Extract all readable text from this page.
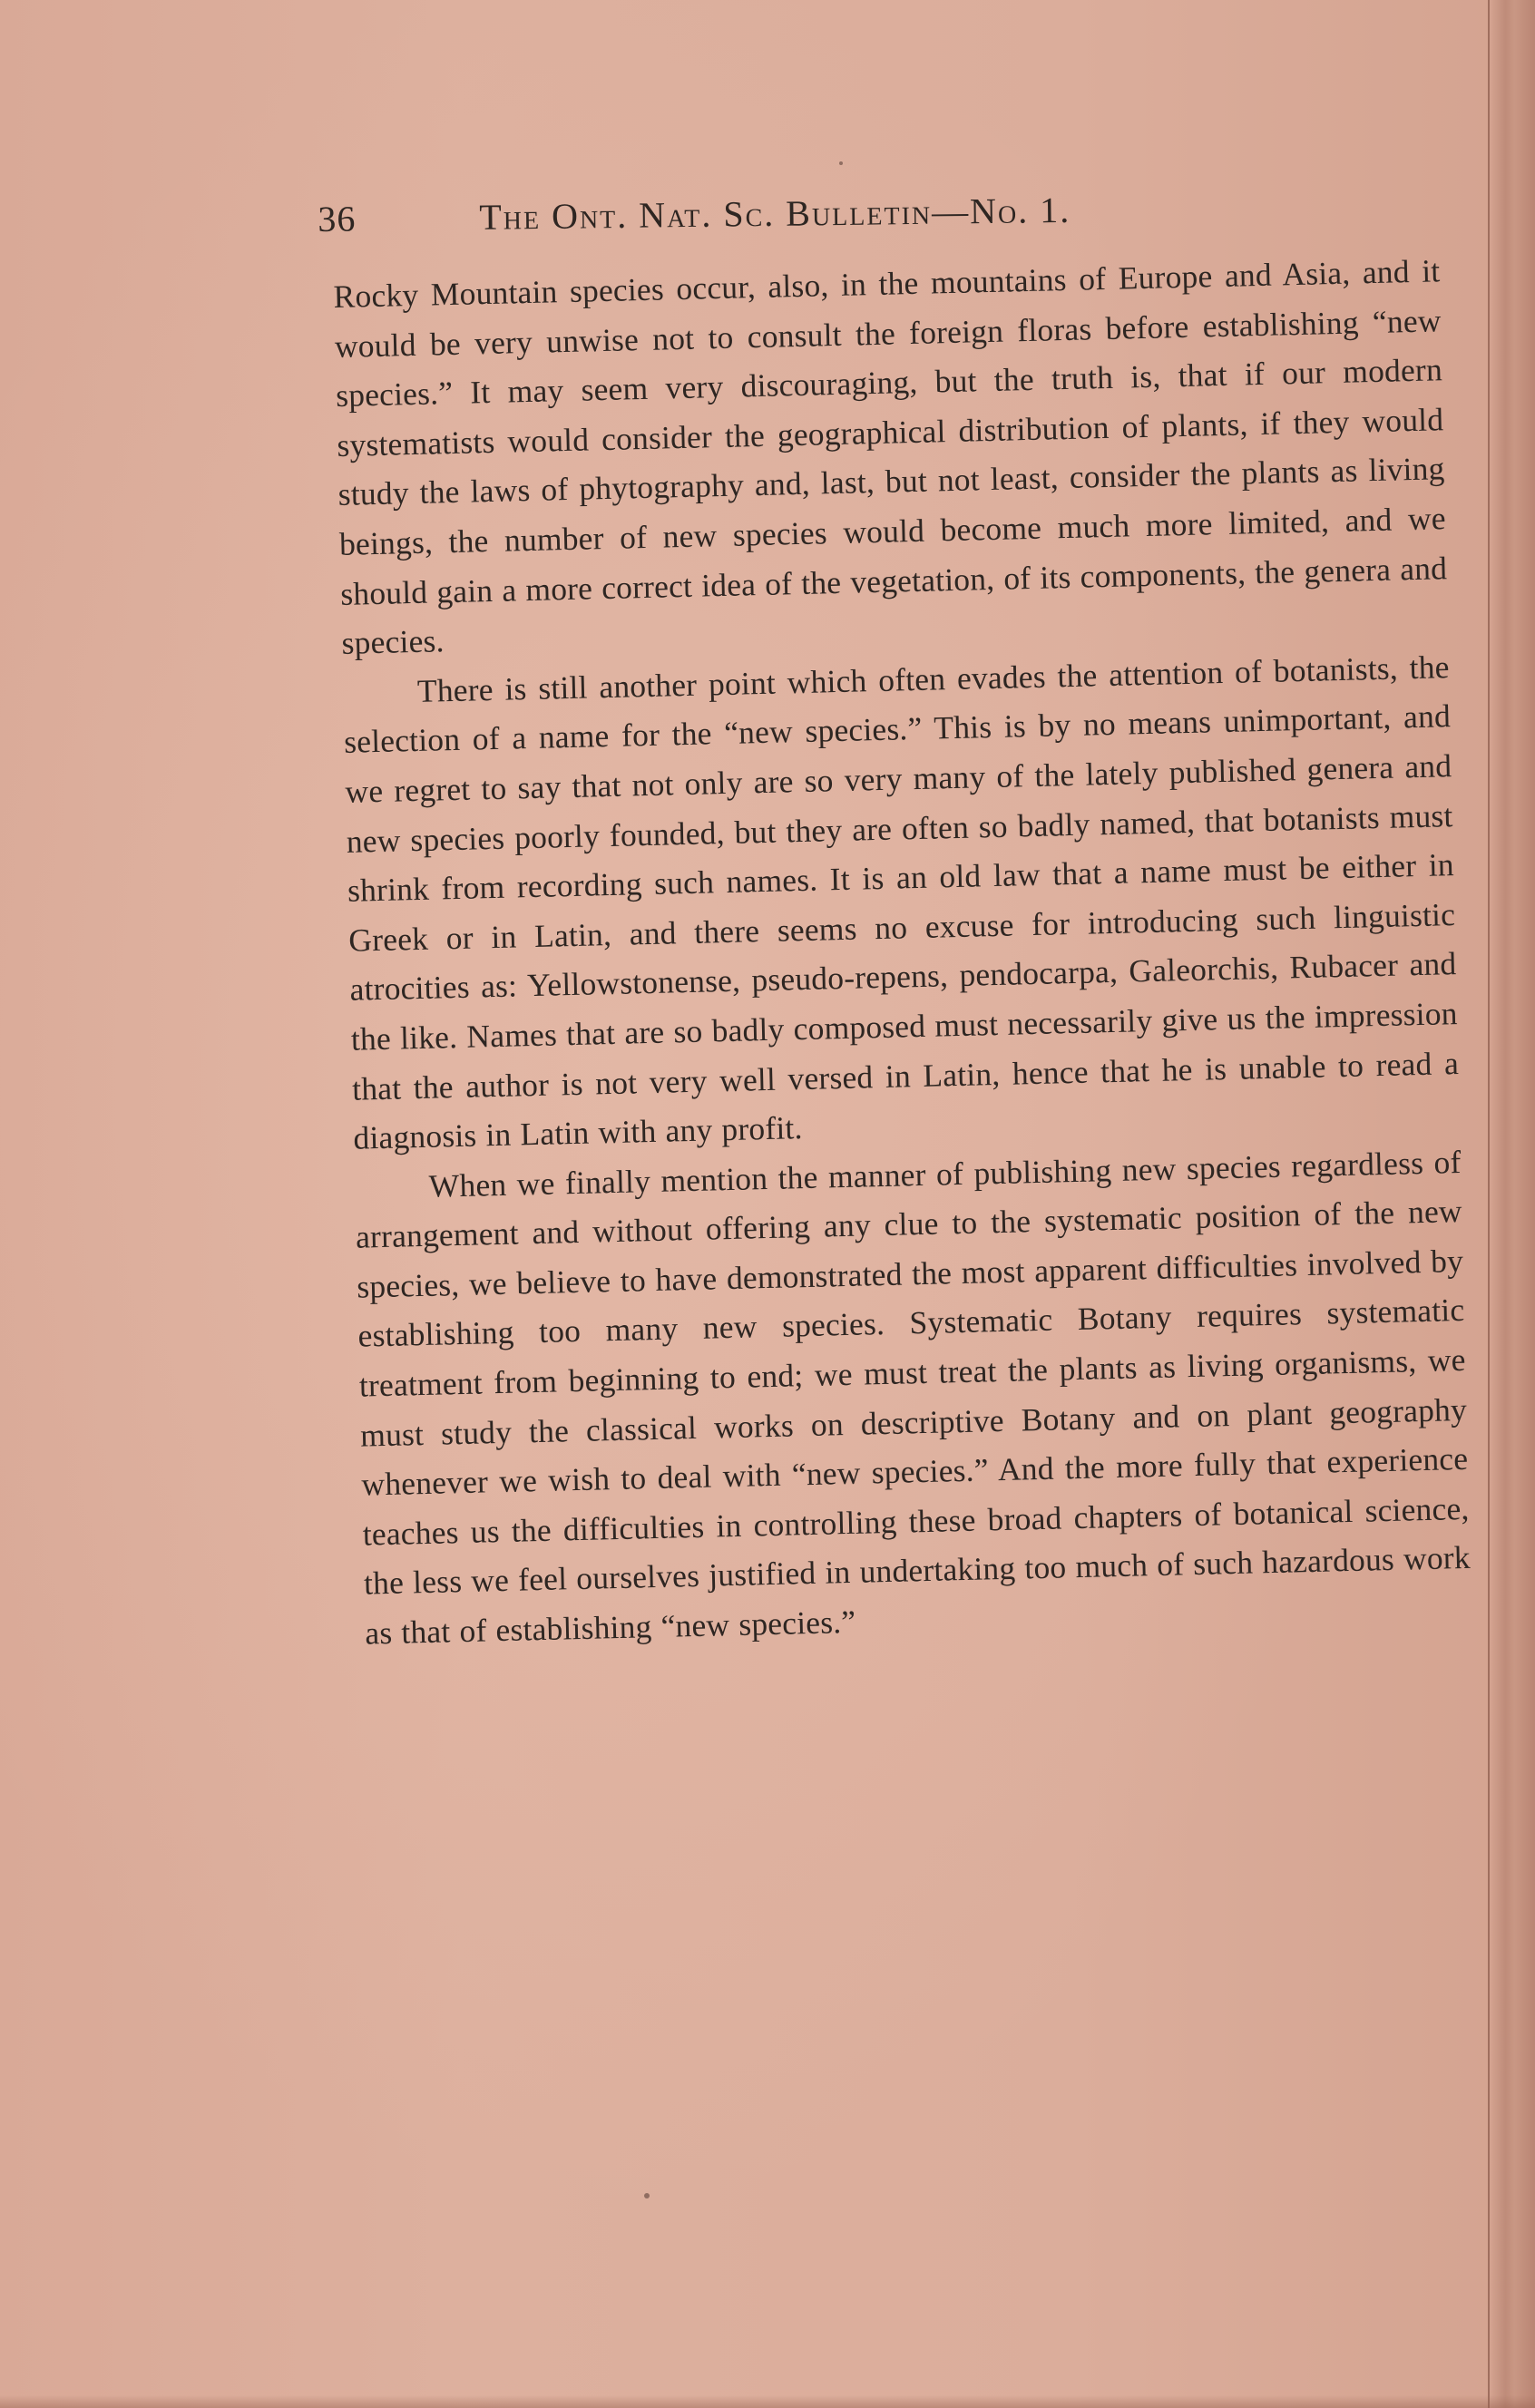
36	The Ont. Nat. Sc. Bulletin—No. 1.

Rocky Mountain species occur, also, in the mountains of Europe and Asia, and it would be very unwise not to consult the foreign floras before establishing “new species.” It may seem very discouraging, but the truth is, that if our modern systematists would consider the geographical distribution of plants, if they would study the laws of phytography and, last, but not least, consider the plants as living beings, the number of new species would become much more limited, and we should gain a more correct idea of the vegetation, of its components, the genera and species.

There is still another point which often evades the attention of botanists, the selection of a name for the “new species.” This is by no means unimportant, and we regret to say that not only are so very many of the lately published genera and new species poorly founded, but they are often so badly named, that botanists must shrink from recording such names. It is an old law that a name must be either in Greek or in Latin, and there seems no excuse for introducing such linguistic atrocities as: Yellowstonense, pseudo-repens, pendocarpa, Galeorchis, Rubacer and the like. Names that are so badly composed must necessarily give us the impression that the author is not very well versed in Latin, hence that he is unable to read a diagnosis in Latin with any profit.

When we finally mention the manner of publishing new species regardless of arrangement and without offering any clue to the systematic position of the new species, we believe to have demonstrated the most apparent difficulties involved by establishing too many new species. Systematic Botany requires systematic treatment from beginning to end; we must treat the plants as living organisms, we must study the classical works on descriptive Botany and on plant geography whenever we wish to deal with “new species.” And the more fully that experience teaches us the difficulties in controlling these broad chapters of botanical science, the less we feel ourselves justified in undertaking too much of such hazardous work as that of establishing “new species.”
